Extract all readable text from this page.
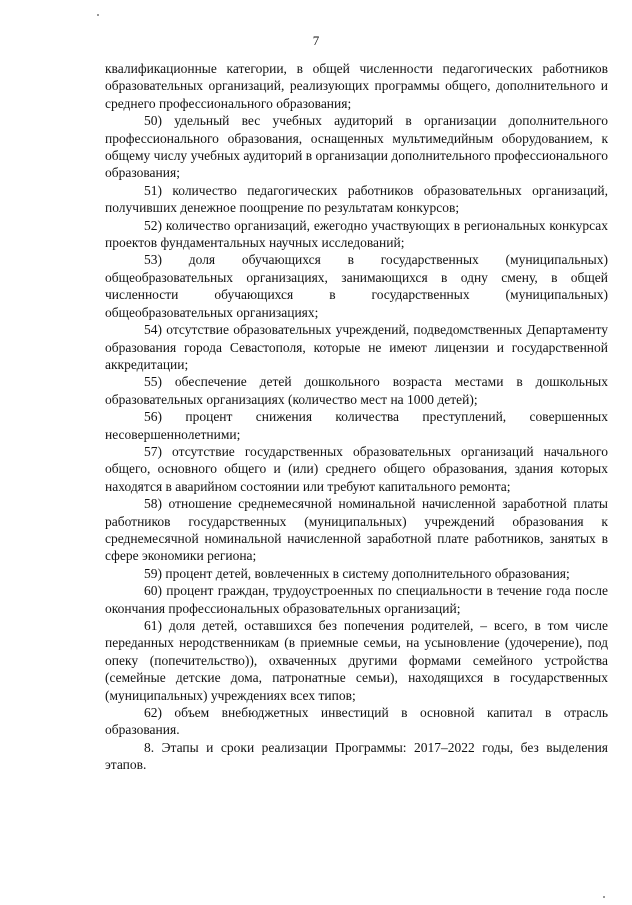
7

квалификационные категории, в общей численности педагогических работников образовательных организаций, реализующих программы общего, дополнительного и среднего профессионального образования;

50) удельный вес учебных аудиторий в организации дополнительного профессионального образования, оснащенных мультимедийным оборудованием, к общему числу учебных аудиторий в организации дополнительного профессионального образования;

51) количество педагогических работников образовательных организаций, получивших денежное поощрение по результатам конкурсов;

52) количество организаций, ежегодно участвующих в региональных конкурсах проектов фундаментальных научных исследований;

53) доля обучающихся в государственных (муниципальных) общеобразовательных организациях, занимающихся в одну смену, в общей численности обучающихся в государственных (муниципальных) общеобразовательных организациях;

54) отсутствие образовательных учреждений, подведомственных Департаменту образования города Севастополя, которые не имеют лицензии и государственной аккредитации;

55) обеспечение детей дошкольного возраста местами в дошкольных образовательных организациях (количество мест на 1000 детей);

56) процент снижения количества преступлений, совершенных несовершеннолетними;

57) отсутствие государственных образовательных организаций начального общего, основного общего и (или) среднего общего образования, здания которых находятся в аварийном состоянии или требуют капитального ремонта;

58) отношение среднемесячной номинальной начисленной заработной платы работников государственных (муниципальных) учреждений образования к среднемесячной номинальной начисленной заработной плате работников, занятых в сфере экономики региона;

59) процент детей, вовлеченных в систему дополнительного образования;

60) процент граждан, трудоустроенных по специальности в течение года после окончания профессиональных образовательных организаций;

61) доля детей, оставшихся без попечения родителей, – всего, в том числе переданных неродственникам (в приемные семьи, на усыновление (удочерение), под опеку (попечительство)), охваченных другими формами семейного устройства (семейные детские дома, патронатные семьи), находящихся в государственных (муниципальных) учреждениях всех типов;

62) объем внебюджетных инвестиций в основной капитал в отрасль образования.

8. Этапы и сроки реализации Программы: 2017–2022 годы, без выделения этапов.
